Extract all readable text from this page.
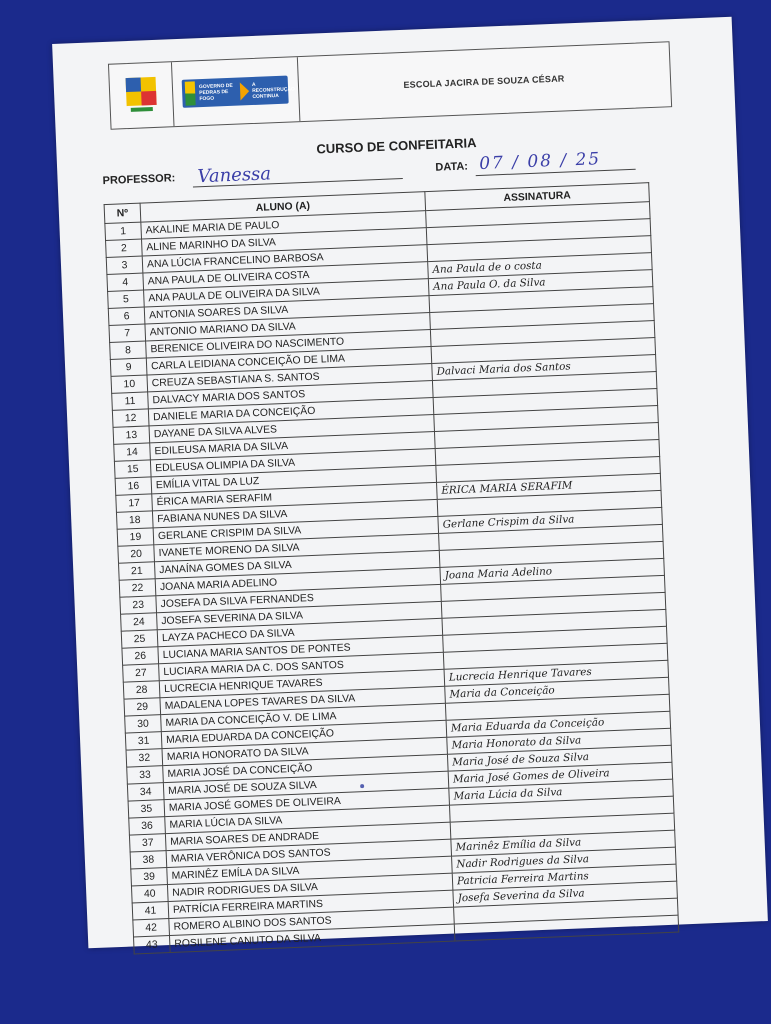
GOVERNO DE PEDRAS DE FOGO
A RECONSTRUÇÃO CONTINUA
ESCOLA JACIRA DE SOUZA CÉSAR
CURSO DE CONFEITARIA
PROFESSOR: Vanessa	DATA: 07 / 08 / 25
Nº	ALUNO (A)	ASSINATURA
1	AKALINE MARIA DE PAULO	
2	ALINE MARINHO DA SILVA	
3	ANA LÚCIA FRANCELINO BARBOSA	
4	ANA PAULA DE OLIVEIRA COSTA	Ana Paula de o costa
5	ANA PAULA DE OLIVEIRA DA SILVA	Ana Paula O. da Silva
6	ANTONIA SOARES DA SILVA	
7	ANTONIO MARIANO DA SILVA	
8	BERENICE OLIVEIRA DO NASCIMENTO	
9	CARLA LEIDIANA CONCEIÇÃO DE LIMA	
10	CREUZA SEBASTIANA S. SANTOS	Dalvaci Maria dos Santos
11	DALVACY MARIA DOS SANTOS	
12	DANIELE MARIA DA CONCEIÇÃO	
13	DAYANE DA SILVA ALVES	
14	EDILEUSA MARIA DA SILVA	
15	EDLEUSA OLIMPIA DA SILVA	
16	EMÍLIA VITAL DA LUZ	
17	ÉRICA MARIA SERAFIM	ÉRICA MARIA SERAFIM
18	FABIANA NUNES DA SILVA	
19	GERLANE CRISPIM DA SILVA	Gerlane Crispim da Silva
20	IVANETE MORENO DA SILVA	
21	JANAÍNA GOMES DA SILVA	
22	JOANA MARIA ADELINO	Joana Maria Adelino
23	JOSEFA DA SILVA FERNANDES	
24	JOSEFA SEVERINA DA SILVA	
25	LAYZA PACHECO DA SILVA	
26	LUCIANA MARIA SANTOS DE PONTES	
27	LUCIARA MARIA DA C. DOS SANTOS	
28	LUCRECIA HENRIQUE TAVARES	Lucrecia Henrique Tavares
29	MADALENA LOPES TAVARES DA SILVA	Maria da Conceição
30	MARIA DA CONCEIÇÃO V. DE LIMA	
31	MARIA EDUARDA DA CONCEIÇÃO	Maria Eduarda da Conceição
32	MARIA HONORATO DA SILVA	Maria Honorato da Silva
33	MARIA JOSÉ DA CONCEIÇÃO	Maria José de Souza Silva
34	MARIA JOSÉ DE SOUZA SILVA	Maria José Gomes de Oliveira
35	MARIA JOSÉ GOMES DE OLIVEIRA	Maria Lúcia da Silva
36	MARIA LÚCIA DA SILVA	
37	MARIA SOARES DE ANDRADE	
38	MARIA VERÔNICA DOS SANTOS	Marinêz Emília da Silva
39	MARINÊZ EMÍLA DA SILVA	Nadir Rodrigues da Silva
40	NADIR RODRIGUES DA SILVA	Patricia Ferreira Martins
41	PATRÍCIA FERREIRA MARTINS	Josefa Severina da Silva
42	ROMERO ALBINO DOS SANTOS	
43	ROSILENE CANUTO DA SILVA	
